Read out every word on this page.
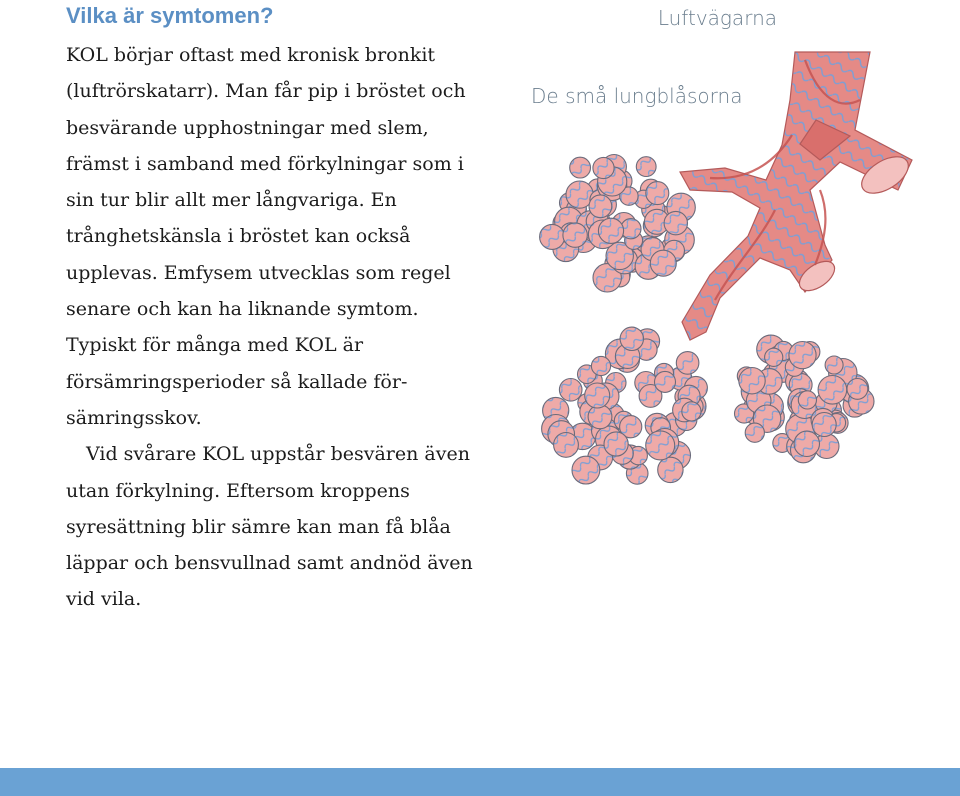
Vilka är symtomen?

KOL börjar oftast med kronisk bronkit (luftrörskatarr). Man får pip i bröstet och besvärande upphostningar med slem, främst i samband med förkylningar som i sin tur blir allt mer långvariga. En trånghetskänsla i bröstet kan också upplevas. Emfysem utvecklas som regel senare och kan ha liknande symtom. Typiskt för många med KOL är försämringsperioder så kallade försämringsskov.

Vid svårare KOL uppstår besvären även utan förkylning. Eftersom kroppens syresättning blir sämre kan man få blåa läppar och bensvullnad samt andnöd även vid vila.

Luftvägarna
De små lungblåsorna
